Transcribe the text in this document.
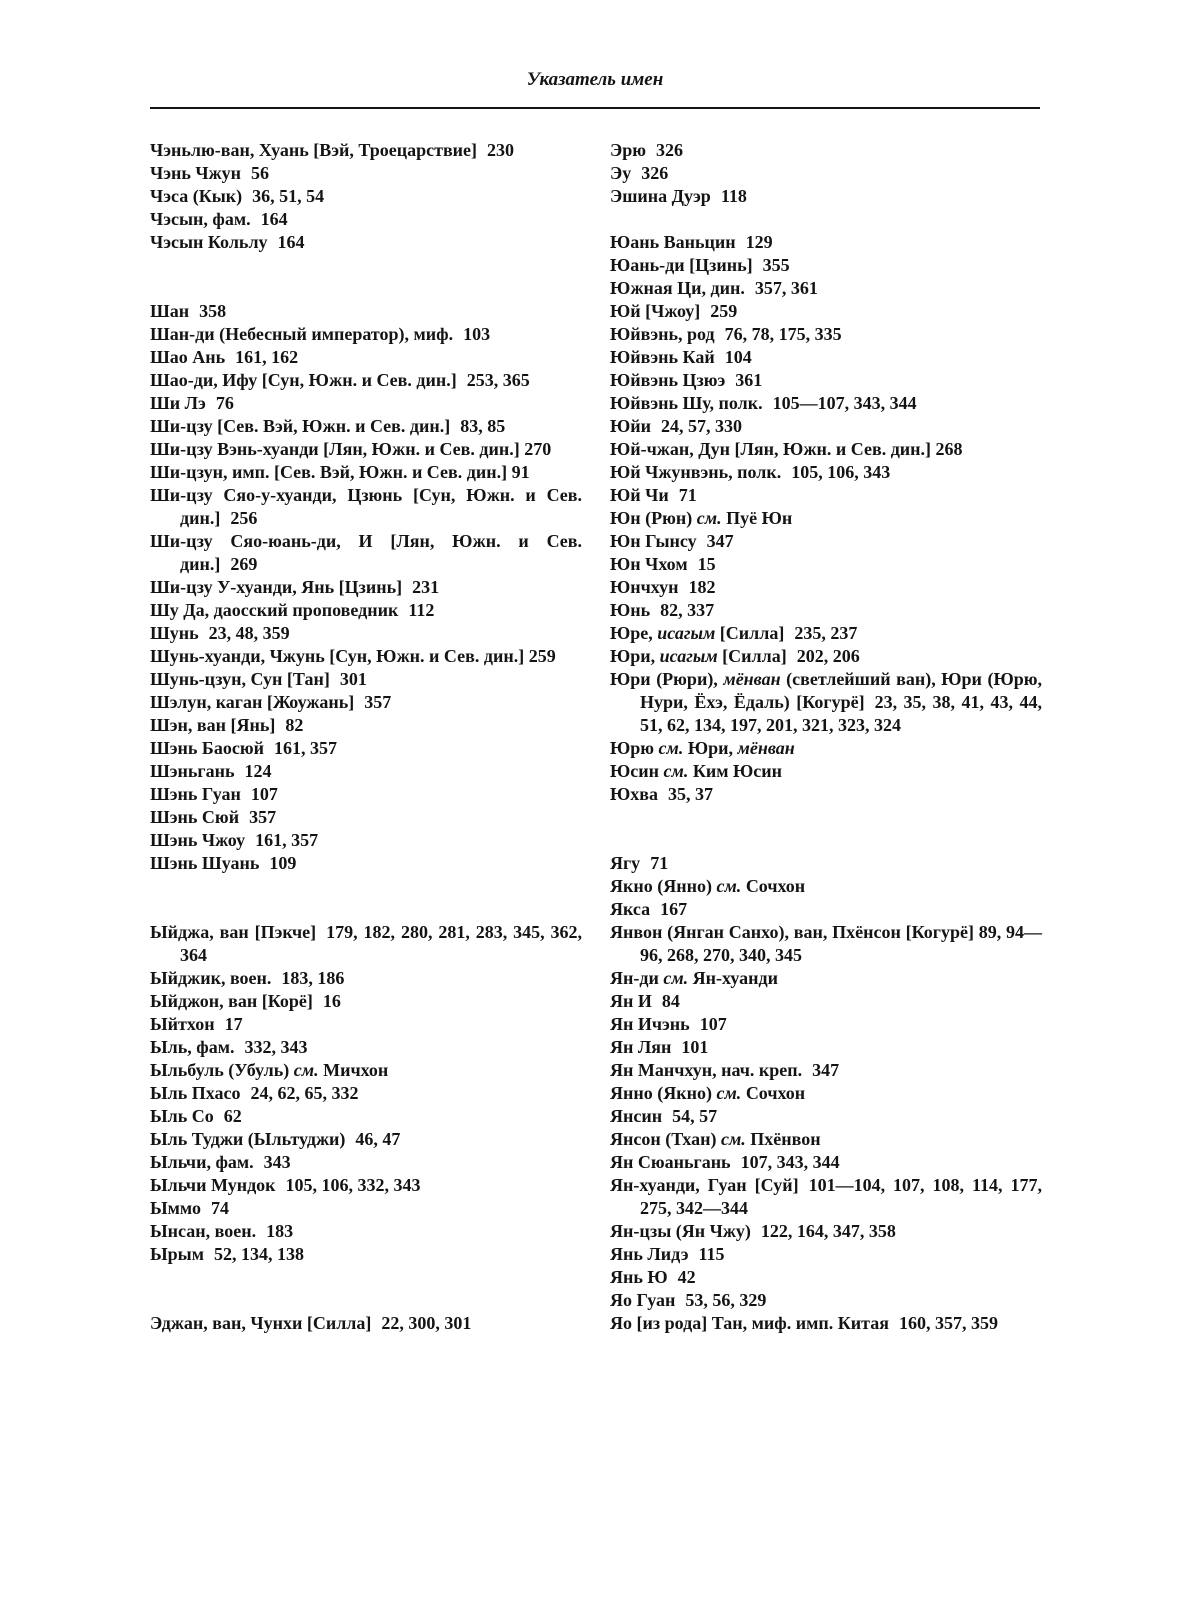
Указатель имен
Чэньлю-ван, Хуань [Вэй, Троецарствие] 230
Чэнь Чжун 56
Чэса (Кык) 36, 51, 54
Чэсын, фам. 164
Чэсын Кольлу 164
Шан 358
Шан-ди (Небесный император), миф. 103
Шао Ань 161, 162
Шао-ди, Ифу [Сун, Южн. и Сев. дин.] 253, 365
Ши Лэ 76
Ши-цзу [Сев. Вэй, Южн. и Сев. дин.] 83, 85
Ши-цзу Вэнь-хуанди [Лян, Южн. и Сев. дин.] 270
Ши-цзун, имп. [Сев. Вэй, Южн. и Сев. дин.] 91
Ши-цзу Сяо-у-хуанди, Цзюнь [Сун, Южн. и Сев. дин.] 256
Ши-цзу Сяо-юань-ди, И [Лян, Южн. и Сев. дин.] 269
Ши-цзу У-хуанди, Янь [Цзинь] 231
Шу Да, даосский проповедник 112
Шунь 23, 48, 359
Шунь-хуанди, Чжунь [Сун, Южн. и Сев. дин.] 259
Шунь-цзун, Сун [Тан] 301
Шэлун, каган [Жоужань] 357
Шэн, ван [Янь] 82
Шэнь Баосюй 161, 357
Шэньгань 124
Шэнь Гуан 107
Шэнь Сюй 357
Шэнь Чжоу 161, 357
Шэнь Шуань 109
Ыйджа, ван [Пэкче] 179, 182, 280, 281, 283, 345, 362, 364
Ыйджик, воен. 183, 186
Ыйджон, ван [Корё] 16
Ыйтхон 17
Ыль, фам. 332, 343
Ыльбуль (Убуль) см. Мичхон
Ыль Пхасо 24, 62, 65, 332
Ыль Со 62
Ыль Туджи (Ыльтуджи) 46, 47
Ыльчи, фам. 343
Ыльчи Мундок 105, 106, 332, 343
Ыммо 74
Ынсан, воен. 183
Ырым 52, 134, 138
Эджан, ван, Чунхи [Силла] 22, 300, 301
Эрю 326
Эу 326
Эшина Дуэр 118
Юань Ваньцин 129
Юань-ди [Цзинь] 355
Южная Ци, дин. 357, 361
Юй [Чжоу] 259
Юйвэнь, род 76, 78, 175, 335
Юйвэнь Кай 104
Юйвэнь Цзюэ 361
Юйвэнь Шу, полк. 105—107, 343, 344
Юйи 24, 57, 330
Юй-чжан, Дун [Лян, Южн. и Сев. дин.] 268
Юй Чжунвэнь, полк. 105, 106, 343
Юй Чи 71
Юн (Рюн) см. Пуё Юн
Юн Гынсу 347
Юн Чхом 15
Юнчхун 182
Юнь 82, 337
Юре, исагым [Силла] 235, 237
Юри, исагым [Силла] 202, 206
Юри (Рюри), мёнван (светлейший ван), Юри (Юрю, Нури, Ёхэ, Ёдаль) [Когурё] 23, 35, 38, 41, 43, 44, 51, 62, 134, 197, 201, 321, 323, 324
Юрю см. Юри, мёнван
Юсин см. Ким Юсин
Юхва 35, 37
Ягу 71
Якно (Янно) см. Сочхон
Якса 167
Янвон (Янган Санхо), ван, Пхёнсон [Когурё] 89, 94—96, 268, 270, 340, 345
Ян-ди см. Ян-хуанди
Ян И 84
Ян Ичэнь 107
Ян Лян 101
Ян Манчхун, нач. креп. 347
Янно (Якно) см. Сочхон
Янсин 54, 57
Янсон (Тхан) см. Пхёнвон
Ян Сюаньгань 107, 343, 344
Ян-хуанди, Гуан [Суй] 101—104, 107, 108, 114, 177, 275, 342—344
Ян-цзы (Ян Чжу) 122, 164, 347, 358
Янь Лидэ 115
Янь Ю 42
Яо Гуан 53, 56, 329
Яо [из рода] Тан, миф. имп. Китая 160, 357, 359
